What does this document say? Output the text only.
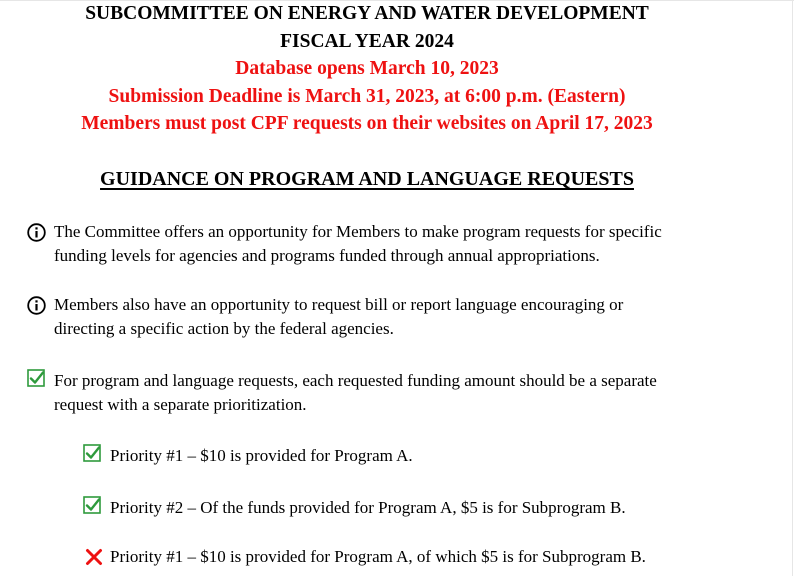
SUBCOMMITTEE ON ENERGY AND WATER DEVELOPMENT
FISCAL YEAR 2024
Database opens March 10, 2023
Submission Deadline is March 31, 2023, at 6:00 p.m. (Eastern)
Members must post CPF requests on their websites on April 17, 2023
GUIDANCE ON PROGRAM AND LANGUAGE REQUESTS
The Committee offers an opportunity for Members to make program requests for specific
funding levels for agencies and programs funded through annual appropriations.
Members also have an opportunity to request bill or report language encouraging or
directing a specific action by the federal agencies.
For program and language requests, each requested funding amount should be a separate
request with a separate prioritization.
Priority #1 – $10 is provided for Program A.
Priority #2 – Of the funds provided for Program A, $5 is for Subprogram B.
Priority #1 – $10 is provided for Program A, of which $5 is for Subprogram B.
